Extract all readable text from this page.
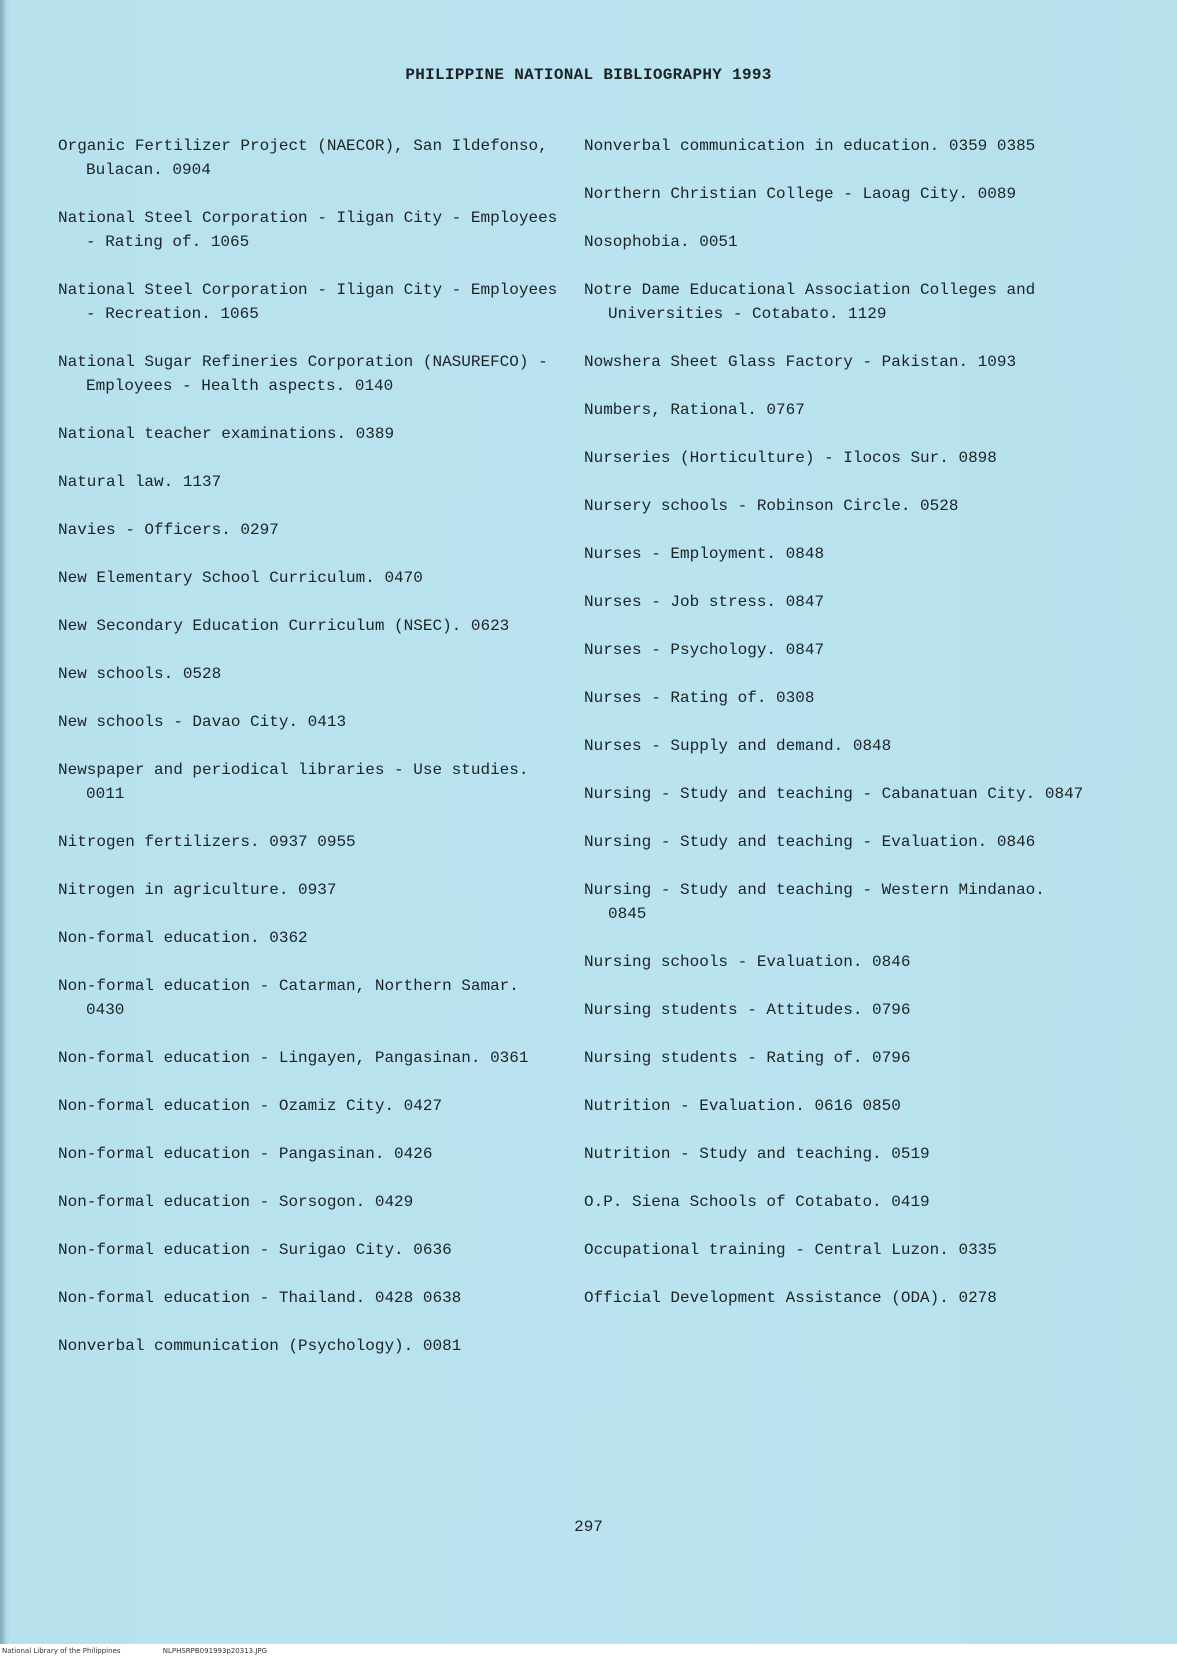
PHILIPPINE NATIONAL BIBLIOGRAPHY 1993

Organic Fertilizer Project (NAECOR), San Ildefonso, Bulacan. 0904

National Steel Corporation - Iligan City - Employees - Rating of. 1065

National Steel Corporation - Iligan City - Employees - Recreation. 1065

National Sugar Refineries Corporation (NASUREFCO) - Employees - Health aspects. 0140

National teacher examinations. 0389

Natural law. 1137

Navies - Officers. 0297

New Elementary School Curriculum. 0470

New Secondary Education Curriculum (NSEC). 0623

New schools. 0528

New schools - Davao City. 0413

Newspaper and periodical libraries - Use studies. 0011

Nitrogen fertilizers. 0937 0955

Nitrogen in agriculture. 0937

Non-formal education. 0362

Non-formal education - Catarman, Northern Samar. 0430

Non-formal education - Lingayen, Pangasinan. 0361

Non-formal education - Ozamiz City. 0427

Non-formal education - Pangasinan. 0426

Non-formal education - Sorsogon. 0429

Non-formal education - Surigao City. 0636

Non-formal education - Thailand. 0428 0638

Nonverbal communication (Psychology). 0081

Nonverbal communication in education. 0359 0385

Northern Christian College - Laoag City. 0089

Nosophobia. 0051

Notre Dame Educational Association Colleges and Universities - Cotabato. 1129

Nowshera Sheet Glass Factory - Pakistan. 1093

Numbers, Rational. 0767

Nurseries (Horticulture) - Ilocos Sur. 0898

Nursery schools - Robinson Circle. 0528

Nurses - Employment. 0848

Nurses - Job stress. 0847

Nurses - Psychology. 0847

Nurses - Rating of. 0308

Nurses - Supply and demand. 0848

Nursing - Study and teaching - Cabanatuan City. 0847

Nursing - Study and teaching - Evaluation. 0846

Nursing - Study and teaching - Western Mindanao. 0845

Nursing schools - Evaluation. 0846

Nursing students - Attitudes. 0796

Nursing students - Rating of. 0796

Nutrition - Evaluation. 0616 0850

Nutrition - Study and teaching. 0519

O.P. Siena Schools of Cotabato. 0419

Occupational training - Central Luzon. 0335

Official Development Assistance (ODA). 0278

297
National Library of the Philippines	NLPHSRPB091993p20313.JPG
